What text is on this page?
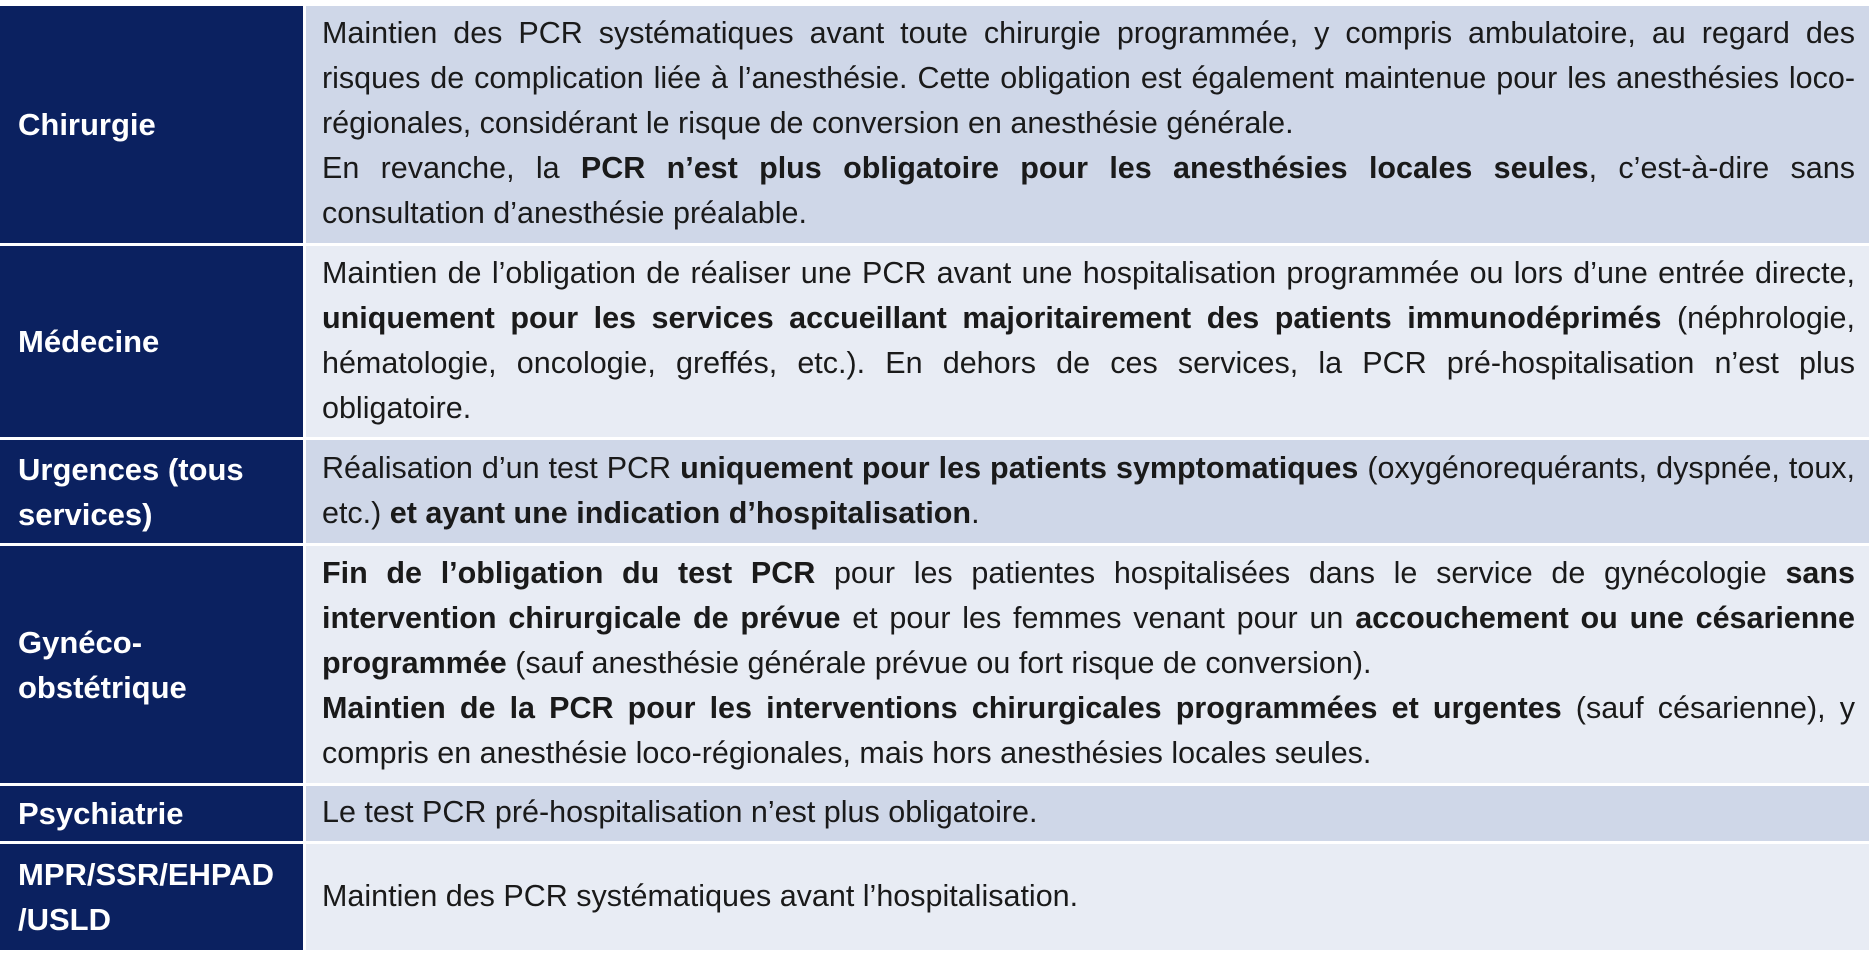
Chirurgie

Maintien des PCR systématiques avant toute chirurgie programmée, y compris ambulatoire, au regard des risques de complication liée à l’anesthésie. Cette obligation est également maintenue pour les anesthésies loco-régionales, considérant le risque de conversion en anesthésie générale.

En revanche, la PCR n’est plus obligatoire pour les anesthésies locales seules, c’est-à-dire sans consultation d’anesthésie préalable.

Médecine

Maintien de l’obligation de réaliser une PCR avant une hospitalisation programmée ou lors d’une entrée directe, uniquement pour les services accueillant majoritairement des patients immunodéprimés (néphrologie, hématologie, oncologie, greffés, etc.). En dehors de ces services, la PCR pré-hospitalisation n’est plus obligatoire.

Urgences (tous services)

Réalisation d’un test PCR uniquement pour les patients symptomatiques (oxygénorequérants, dyspnée, toux, etc.) et ayant une indication d’hospitalisation.

Gynéco-obstétrique

Fin de l’obligation du test PCR pour les patientes hospitalisées dans le service de gynécologie sans intervention chirurgicale de prévue et pour les femmes venant pour un accouchement ou une césarienne programmée (sauf anesthésie générale prévue ou fort risque de conversion).

Maintien de la PCR pour les interventions chirurgicales programmées et urgentes (sauf césarienne), y compris en anesthésie loco-régionales, mais hors anesthésies locales seules.

Psychiatrie	Le test PCR pré-hospitalisation n’est plus obligatoire.

MPR/SSR/EHPAD /USLD

Maintien des PCR systématiques avant l’hospitalisation.
